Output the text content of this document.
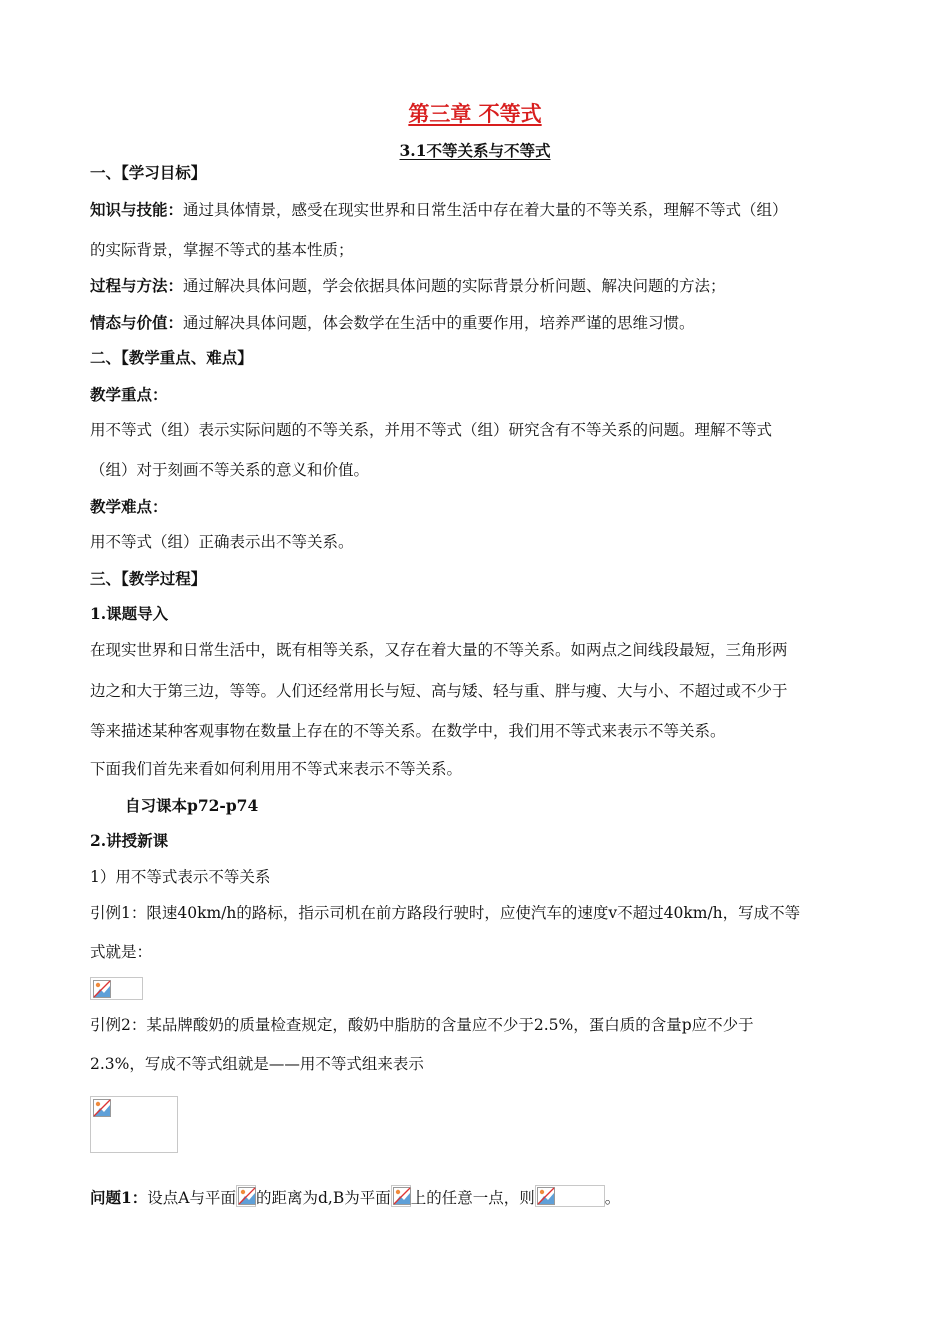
第三章 不等式
3.1不等关系与不等式
一、【学习目标】
知识与技能：通过具体情景，感受在现实世界和日常生活中存在着大量的不等关系，理解不等式（组）
的实际背景，掌握不等式的基本性质；
过程与方法：通过解决具体问题，学会依据具体问题的实际背景分析问题、解决问题的方法；
情态与价值：通过解决具体问题，体会数学在生活中的重要作用，培养严谨的思维习惯。
二、【教学重点、难点】
教学重点：
用不等式（组）表示实际问题的不等关系，并用不等式（组）研究含有不等关系的问题。理解不等式
（组）对于刻画不等关系的意义和价值。
教学难点：
用不等式（组）正确表示出不等关系。
三、【教学过程】
1.课题导入
在现实世界和日常生活中，既有相等关系，又存在着大量的不等关系。如两点之间线段最短，三角形两
边之和大于第三边，等等。人们还经常用长与短、高与矮、轻与重、胖与瘦、大与小、不超过或不少于
等来描述某种客观事物在数量上存在的不等关系。在数学中，我们用不等式来表示不等关系。
下面我们首先来看如何利用用不等式来表示不等关系。
自习课本p72-p74
2.讲授新课
1）用不等式表示不等关系
引例1：限速40km/h的路标，指示司机在前方路段行驶时，应使汽车的速度v不超过40km/h，写成不等
式就是：
引例2：某品牌酸奶的质量检查规定，酸奶中脂肪的含量应不少于2.5%，蛋白质的含量p应不少于
2.3%，写成不等式组就是——用不等式组来表示
问题1：设点A与平面 的距离为d,B为平面 上的任意一点，则	。
